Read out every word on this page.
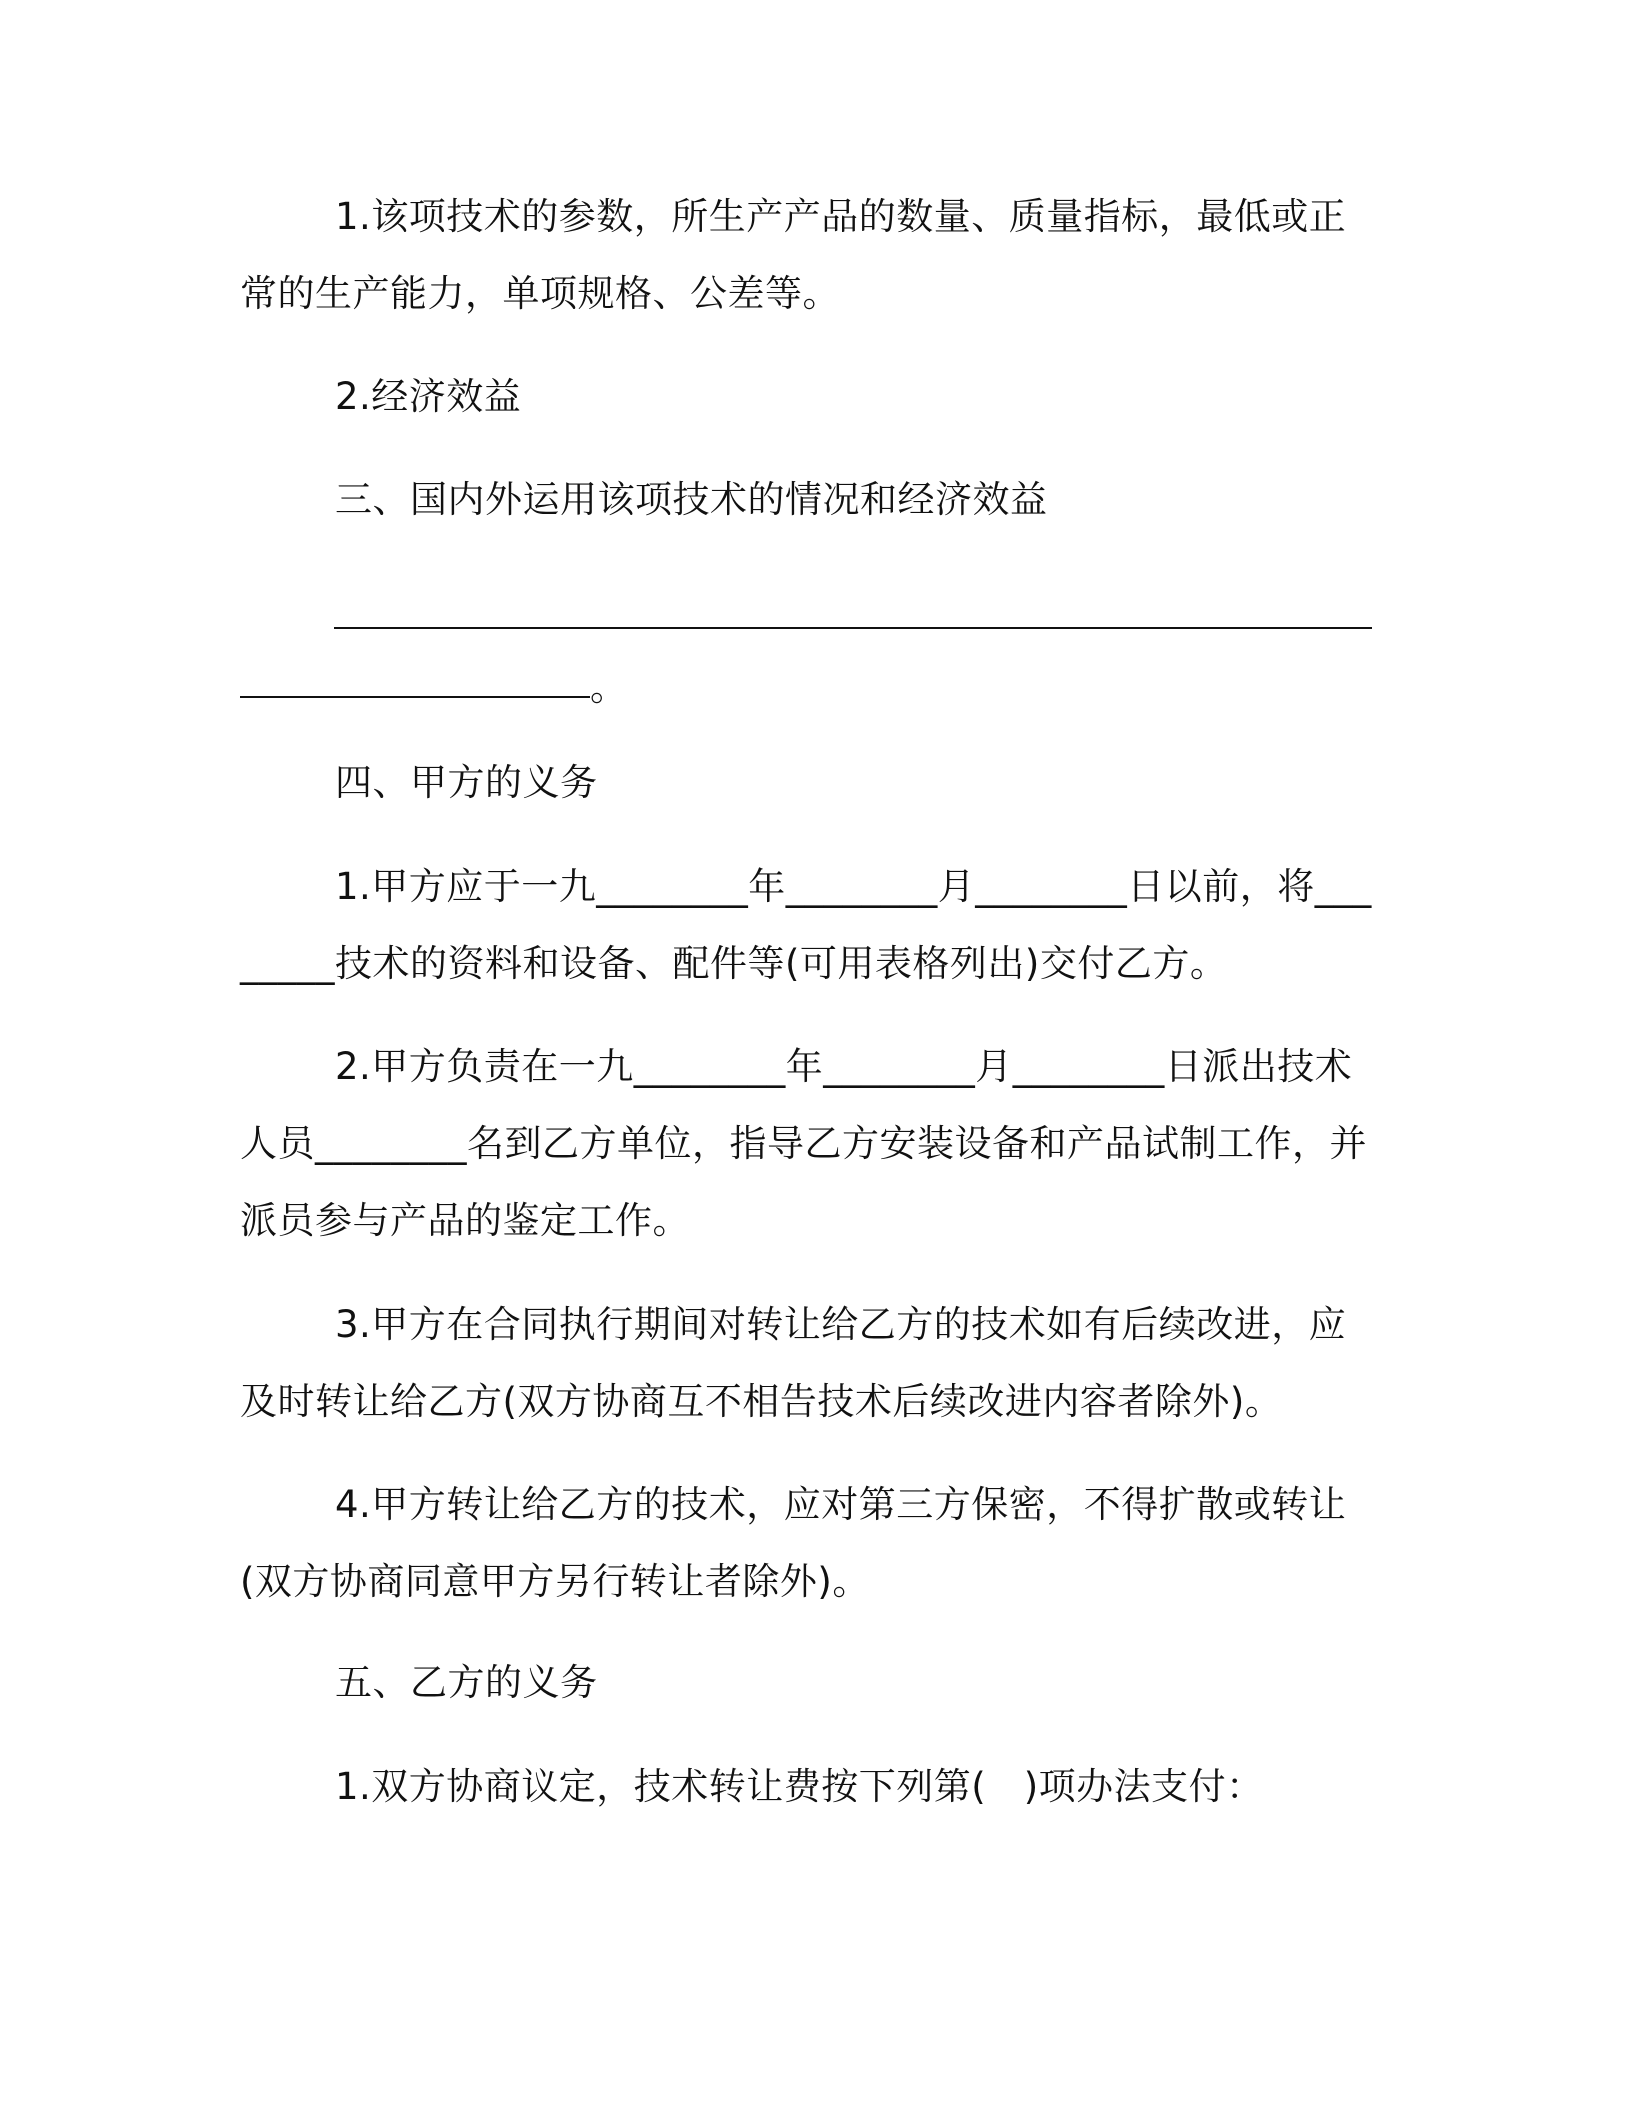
1.该项技术的参数，所生产产品的数量、质量指标，最低或正常的生产能力，单项规格、公差等。

2.经济效益

三、国内外运用该项技术的情况和经济效益

。

四、甲方的义务

1.甲方应于一九________年________月________日以前，将________技术的资料和设备、配件等(可用表格列出)交付乙方。

2.甲方负责在一九________年________月________日派出技术人员________名到乙方单位，指导乙方安装设备和产品试制工作，并派员参与产品的鉴定工作。

3.甲方在合同执行期间对转让给乙方的技术如有后续改进，应及时转让给乙方(双方协商互不相告技术后续改进内容者除外)。

4.甲方转让给乙方的技术，应对第三方保密，不得扩散或转让(双方协商同意甲方另行转让者除外)。

五、乙方的义务

1.双方协商议定，技术转让费按下列第(　)项办法支付：
